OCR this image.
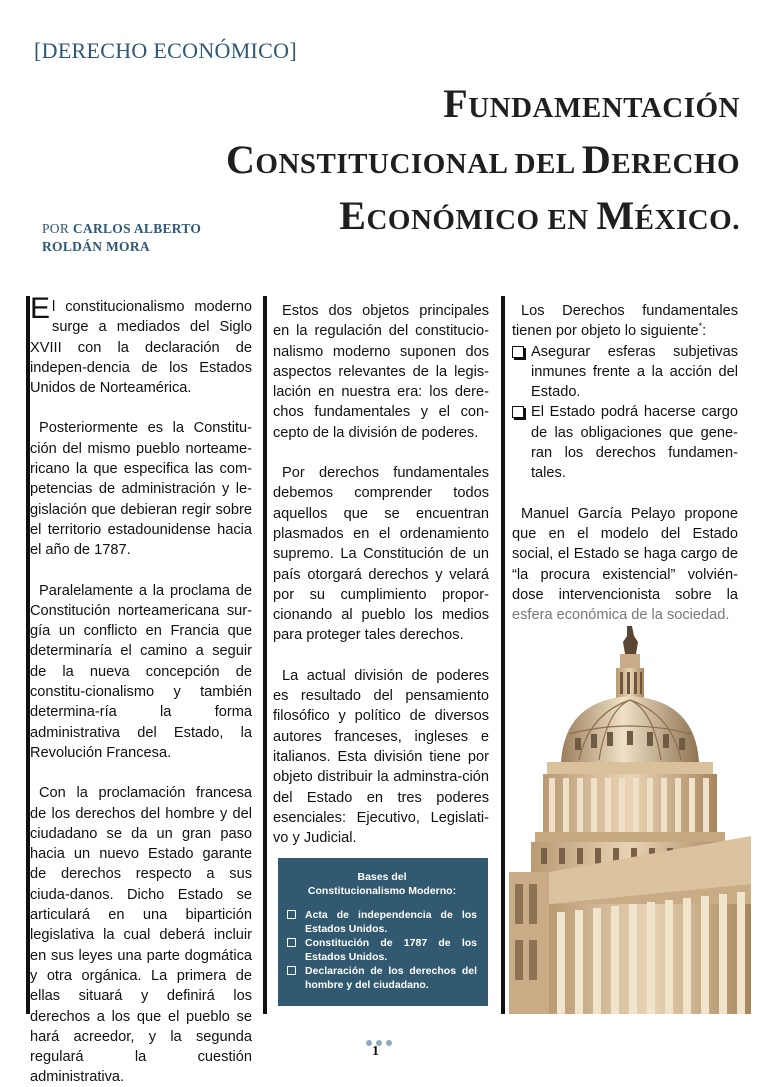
[DERECHO ECONÓMICO]
FUNDAMENTACIÓN
CONSTITUCIONAL DEL DERECHO
ECONÓMICO EN MÉXICO.
POR CARLOS ALBERTO
ROLDÁN MORA

El constitucionalismo moderno surge a mediados del Siglo XVIII con la declaración de indepen-dencia de los Estados Unidos de Norteamérica.

Posteriormente es la Constitu-ción del mismo pueblo norteame-ricano la que especifica las com-petencias de administración y le-gislación que debieran regir sobre el territorio estadounidense hacia el año de 1787.

Paralelamente a la proclama de Constitución norteamericana sur-gía un conflicto en Francia que determinaría el camino a seguir de la nueva concepción de constitu-cionalismo y también determina-ría la forma administrativa del Estado, la Revolución Francesa.

Con la proclamación francesa de los derechos del hombre y del ciudadano se da un gran paso hacia un nuevo Estado garante de derechos respecto a sus ciuda-danos. Dicho Estado se articulará en una bipartición legislativa la cual deberá incluir en sus leyes una parte dogmática y otra orgánica. La primera de ellas situará y definirá los derechos a los que el pueblo se hará acreedor, y la segunda regulará la cuestión administrativa.

Estos dos objetos principales en la regulación del constitucio-nalismo moderno suponen dos aspectos relevantes de la legis-lación en nuestra era: los dere-chos fundamentales y el con-cepto de la división de poderes.

Por derechos fundamentales debemos comprender todos aquellos que se encuentran plasmados en el ordenamiento supremo. La Constitución de un país otorgará derechos y velará por su cumplimiento propor-cionando al pueblo los medios para proteger tales derechos.

La actual división de poderes es resultado del pensamiento filosófico y político de diversos autores franceses, ingleses e italianos. Esta división tiene por objeto distribuir la adminstra-ción del Estado en tres poderes esenciales: Ejecutivo, Legislati-vo y Judicial.

Los Derechos fundamentales tienen por objeto lo siguiente*:

Asegurar esferas subjetivas inmunes frente a la acción del Estado.
El Estado podrá hacerse cargo de las obligaciones que gene-ran los derechos fundamen-tales.

Manuel García Pelayo propone que en el modelo del Estado social, el Estado se haga cargo de “la procura existencial” volvién-dose intervencionista sobre la esfera económica de la sociedad.

Bases del
Constitucionalismo Moderno:
Acta de independencia de los Estados Unidos.
Constitución de 1787 de los Estados Unidos.
Declaración de los derechos del hombre y del ciudadano.
1
